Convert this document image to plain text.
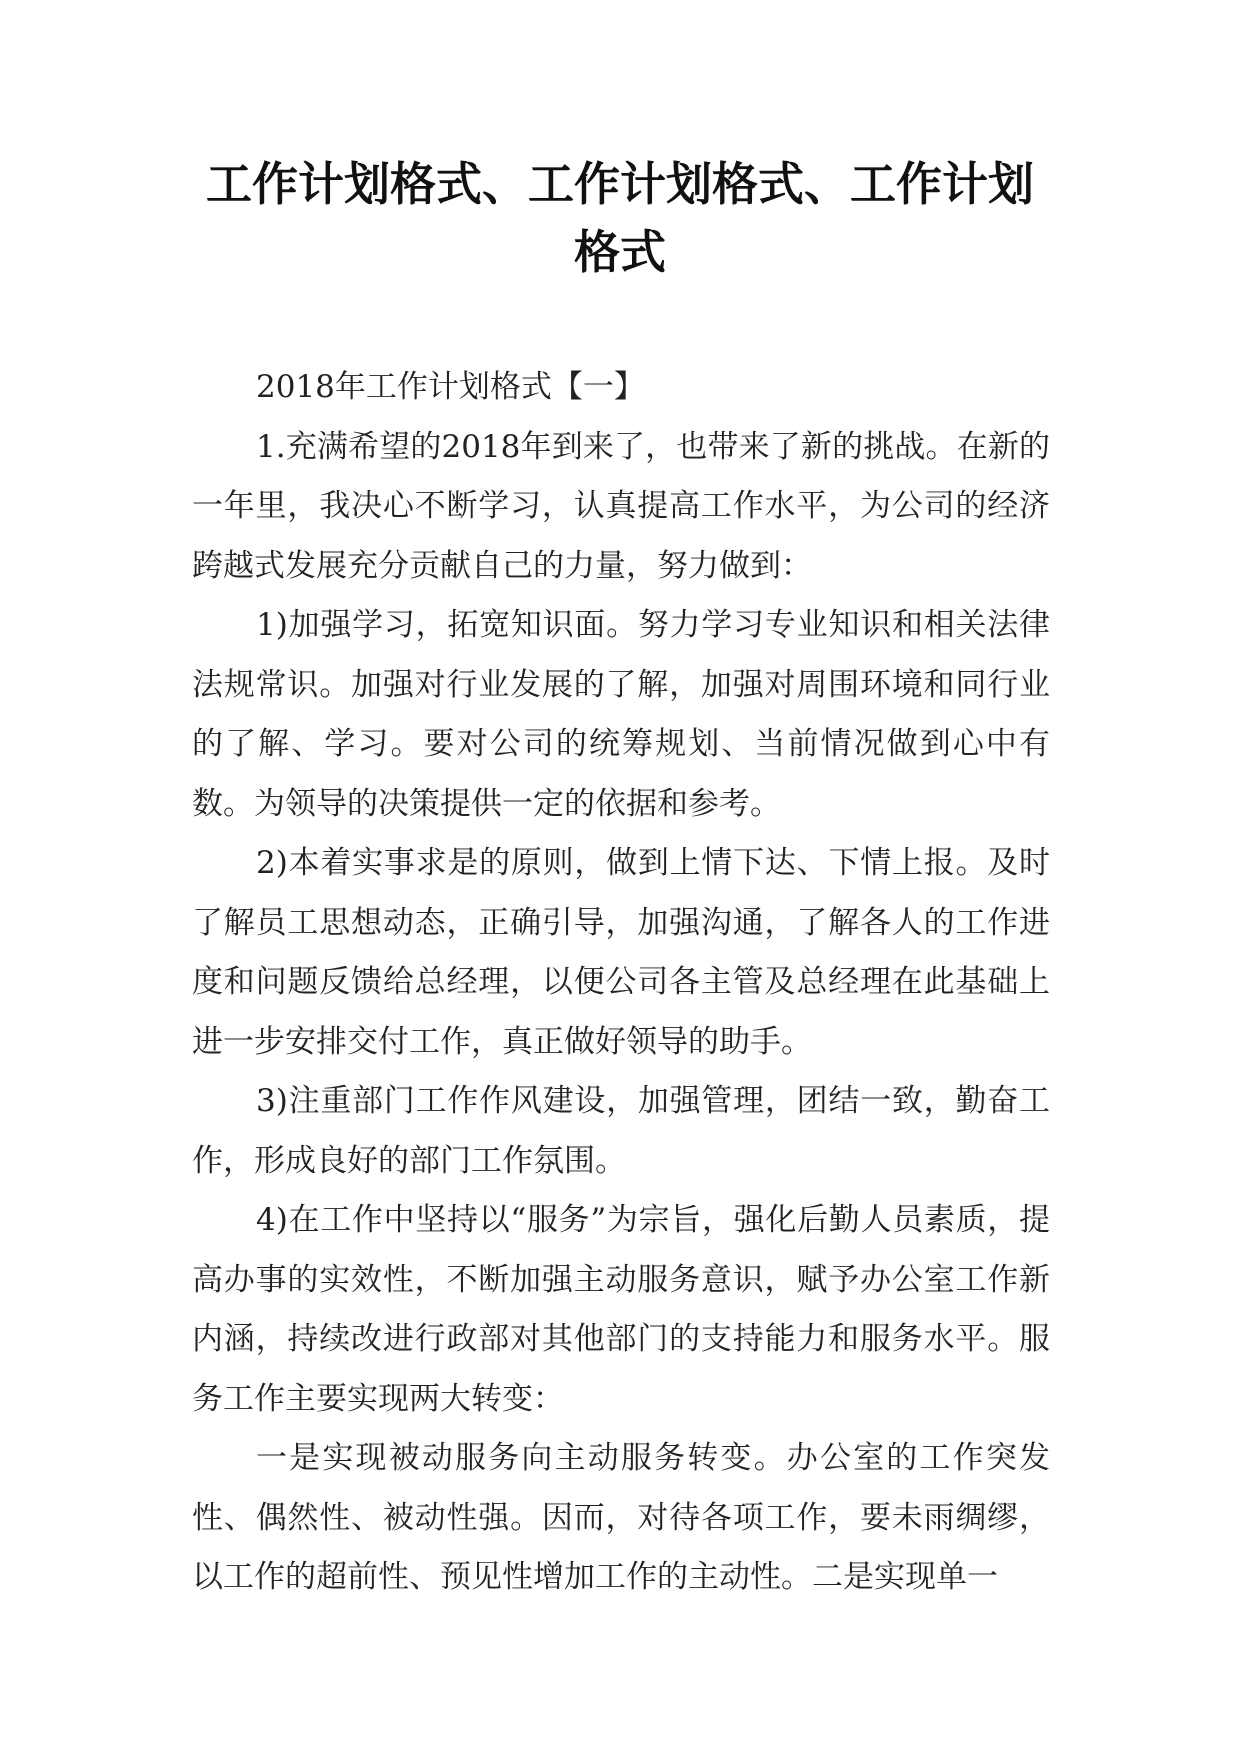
工作计划格式、工作计划格式、工作计划格式

2018年工作计划格式【一】

1.充满希望的2018年到来了，也带来了新的挑战。在新的一年里，我决心不断学习，认真提高工作水平，为公司的经济跨越式发展充分贡献自己的力量，努力做到：

1)加强学习，拓宽知识面。努力学习专业知识和相关法律法规常识。加强对行业发展的了解，加强对周围环境和同行业的了解、学习。要对公司的统筹规划、当前情况做到心中有数。为领导的决策提供一定的依据和参考。

2)本着实事求是的原则，做到上情下达、下情上报。及时了解员工思想动态，正确引导，加强沟通，了解各人的工作进度和问题反馈给总经理，以便公司各主管及总经理在此基础上进一步安排交付工作，真正做好领导的助手。

3)注重部门工作作风建设，加强管理，团结一致，勤奋工作，形成良好的部门工作氛围。

4)在工作中坚持以“服务”为宗旨，强化后勤人员素质，提高办事的实效性，不断加强主动服务意识，赋予办公室工作新内涵，持续改进行政部对其他部门的支持能力和服务水平。服务工作主要实现两大转变：

一是实现被动服务向主动服务转变。办公室的工作突发性、偶然性、被动性强。因而，对待各项工作，要未雨绸缪，以工作的超前性、预见性增加工作的主动性。二是实现单一
